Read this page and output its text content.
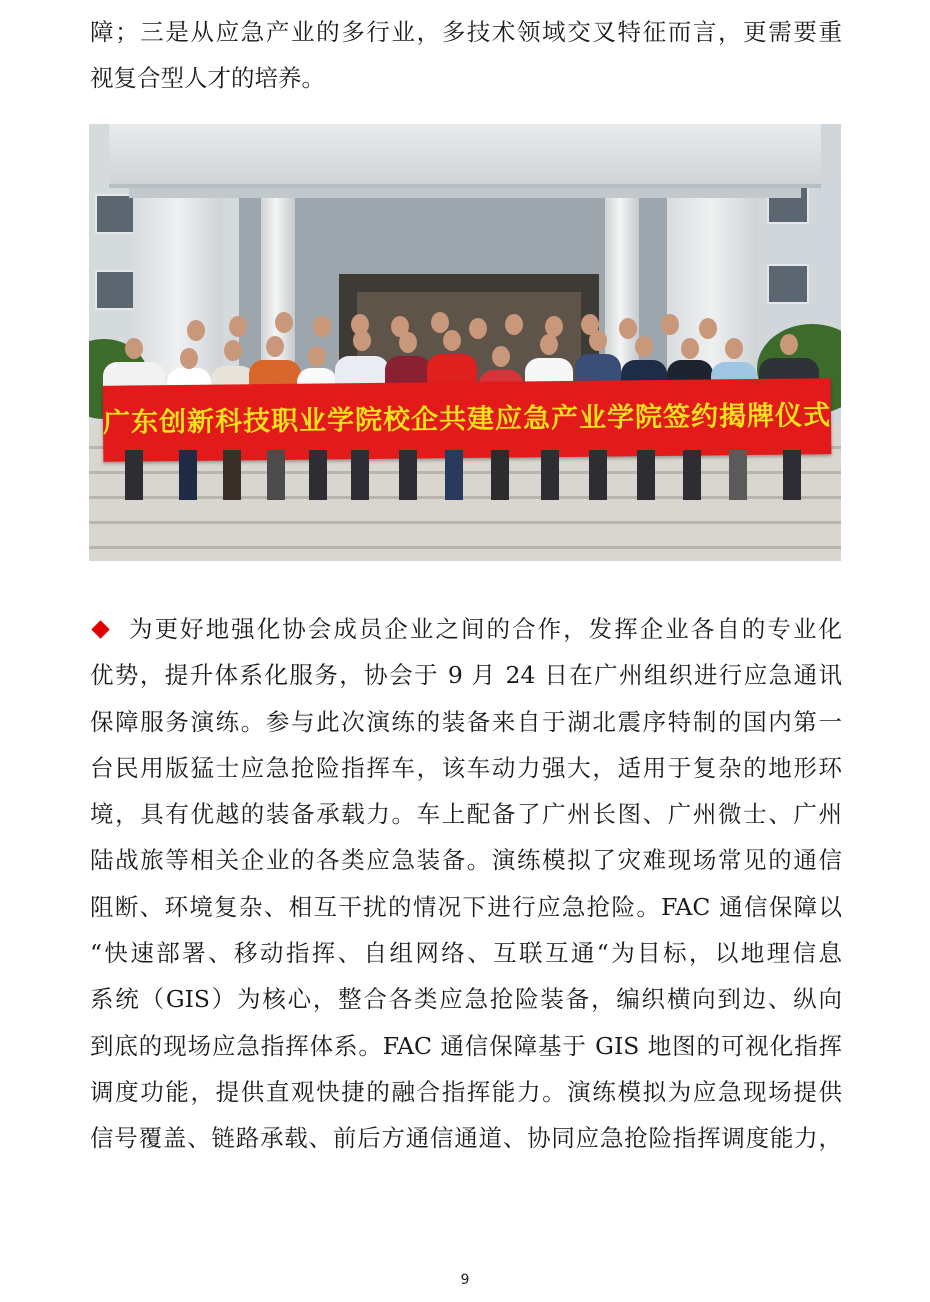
障；三是从应急产业的多行业，多技术领域交叉特征而言，更需要重
视复合型人才的培养。
广东创新科技职业学院校企共建应急产业学院签约揭牌仪式
为更好地强化协会成员企业之间的合作，发挥企业各自的专业化
优势，提升体系化服务，协会于 9 月 24 日在广州组织进行应急通讯
保障服务演练。参与此次演练的装备来自于湖北震序特制的国内第一
台民用版猛士应急抢险指挥车，该车动力强大，适用于复杂的地形环
境，具有优越的装备承载力。车上配备了广州长图、广州微士、广州
陆战旅等相关企业的各类应急装备。演练模拟了灾难现场常见的通信
阻断、环境复杂、相互干扰的情况下进行应急抢险。FAC 通信保障以
“快速部署、移动指挥、自组网络、互联互通“为目标，以地理信息
系统（GIS）为核心，整合各类应急抢险装备，编织横向到边、纵向
到底的现场应急指挥体系。FAC 通信保障基于 GIS 地图的可视化指挥
调度功能，提供直观快捷的融合指挥能力。演练模拟为应急现场提供
信号覆盖、链路承载、前后方通信通道、协同应急抢险指挥调度能力，
9
